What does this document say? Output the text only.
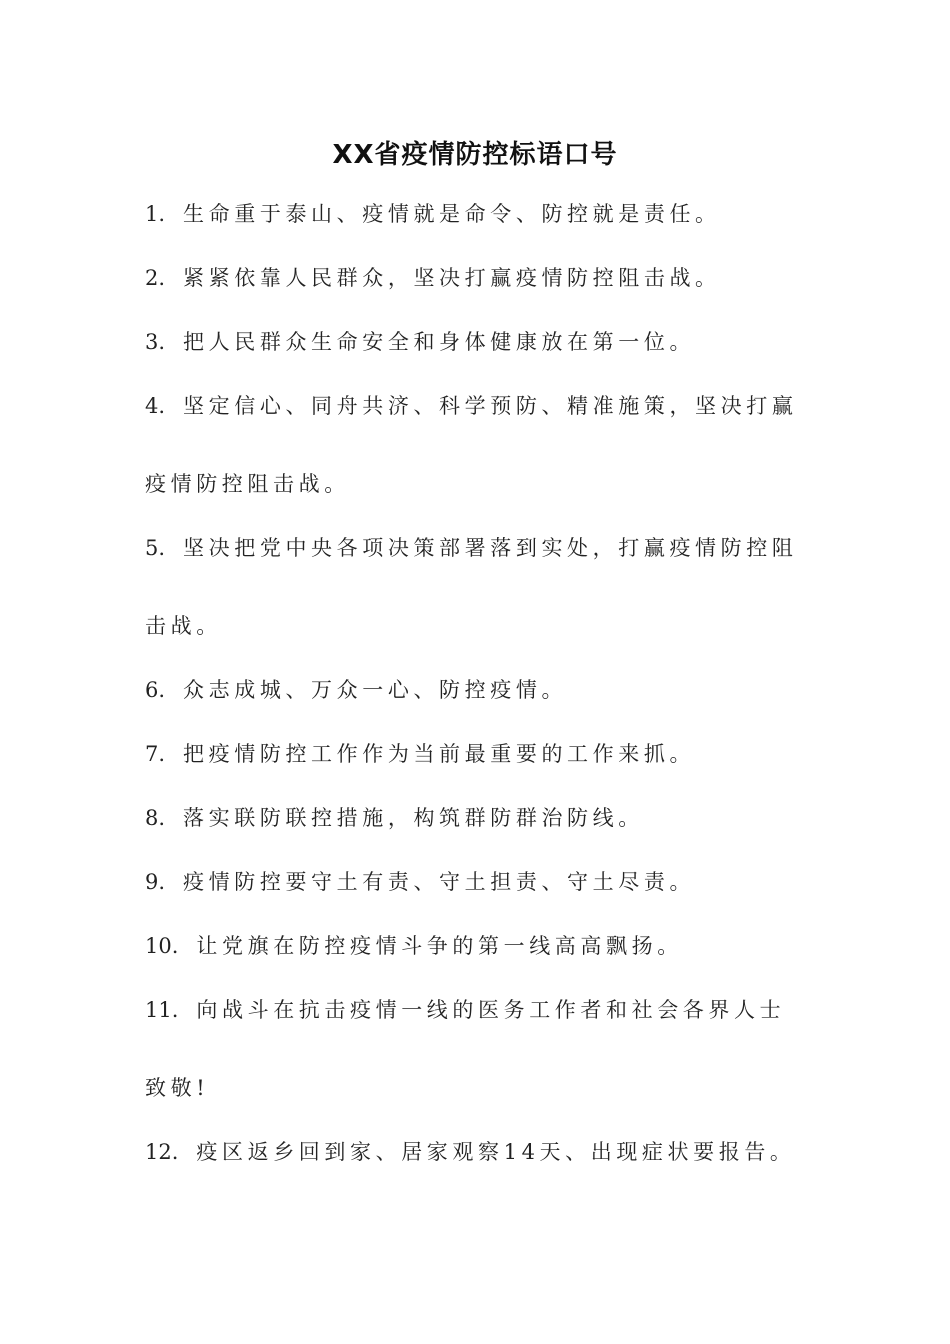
XX省疫情防控标语口号
1. 生命重于泰山、疫情就是命令、防控就是责任。
2. 紧紧依靠人民群众，坚决打赢疫情防控阻击战。
3. 把人民群众生命安全和身体健康放在第一位。
4. 坚定信心、同舟共济、科学预防、精准施策，坚决打赢疫情防控阻击战。
5. 坚决把党中央各项决策部署落到实处，打赢疫情防控阻击战。
6. 众志成城、万众一心、防控疫情。
7. 把疫情防控工作作为当前最重要的工作来抓。
8. 落实联防联控措施，构筑群防群治防线。
9. 疫情防控要守土有责、守土担责、守土尽责。
10. 让党旗在防控疫情斗争的第一线高高飘扬。
11. 向战斗在抗击疫情一线的医务工作者和社会各界人士致敬!
12. 疫区返乡回到家、居家观察14天、出现症状要报告。
